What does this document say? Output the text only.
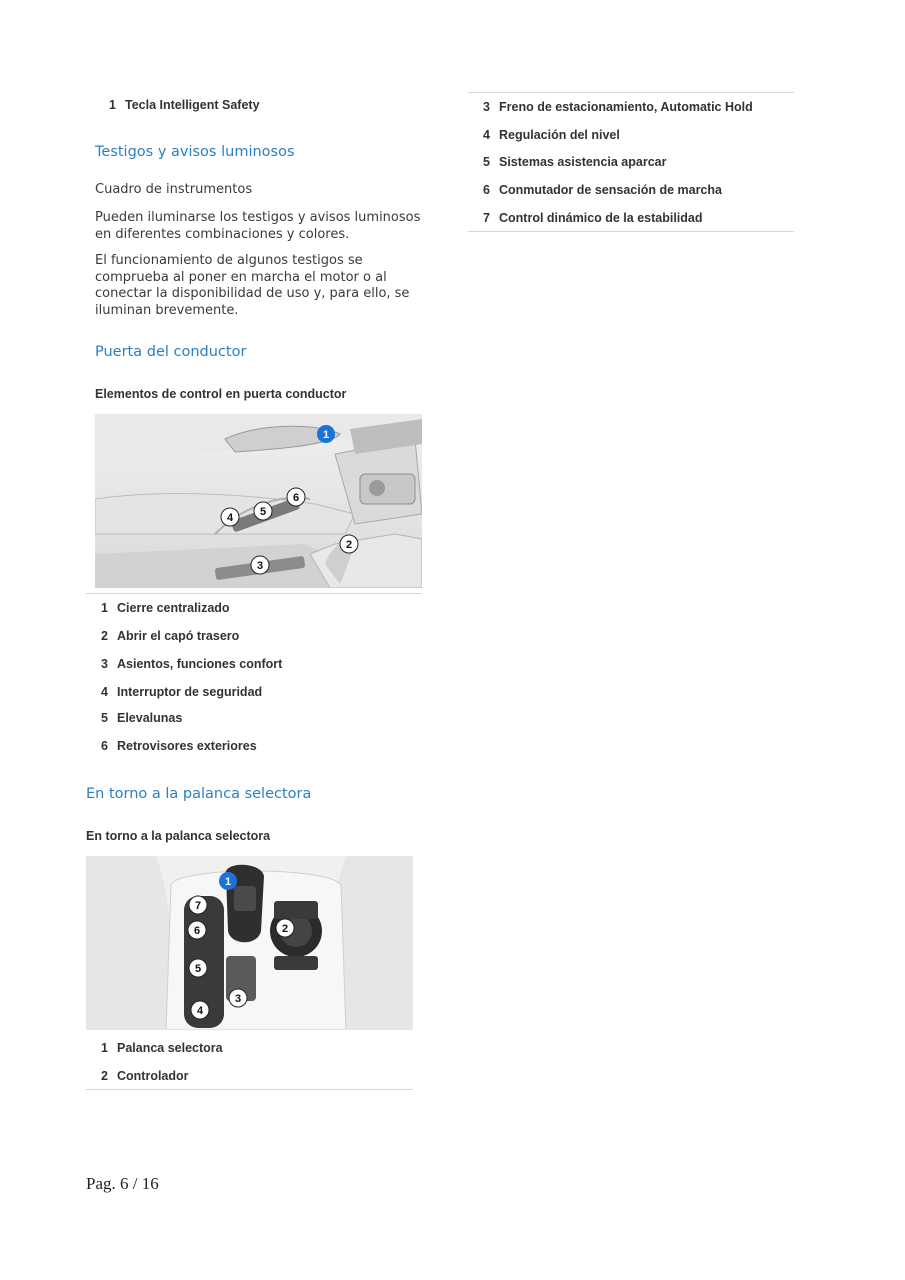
1 Tecla Intelligent Safety	3 Freno de estacionamiento, Automatic Hold
4 Regulación del nivel
5 Sistemas asistencia aparcar
6 Conmutador de sensación de marcha
7 Control dinámico de la estabilidad
Testigos y avisos luminosos
Cuadro de instrumentos
Pueden iluminarse los testigos y avisos luminosos
en diferentes combinaciones y colores.
El funcionamiento de algunos testigos se
comprueba al poner en marcha el motor o al
conectar la disponibilidad de uso y, para ello, se
iluminan brevemente.
Puerta del conductor
Elementos de control en puerta conductor
1
2
3
4 5
6
1 Cierre centralizado
2 Abrir el capó trasero
3 Asientos, funciones confort
4 Interruptor de seguridad
5 Elevalunas
6 Retrovisores exteriores
En torno a la palanca selectora
En torno a la palanca selectora
1
2
3
4
5
6
7
1 Palanca selectora
2 Controlador
Pag. 6 / 16
